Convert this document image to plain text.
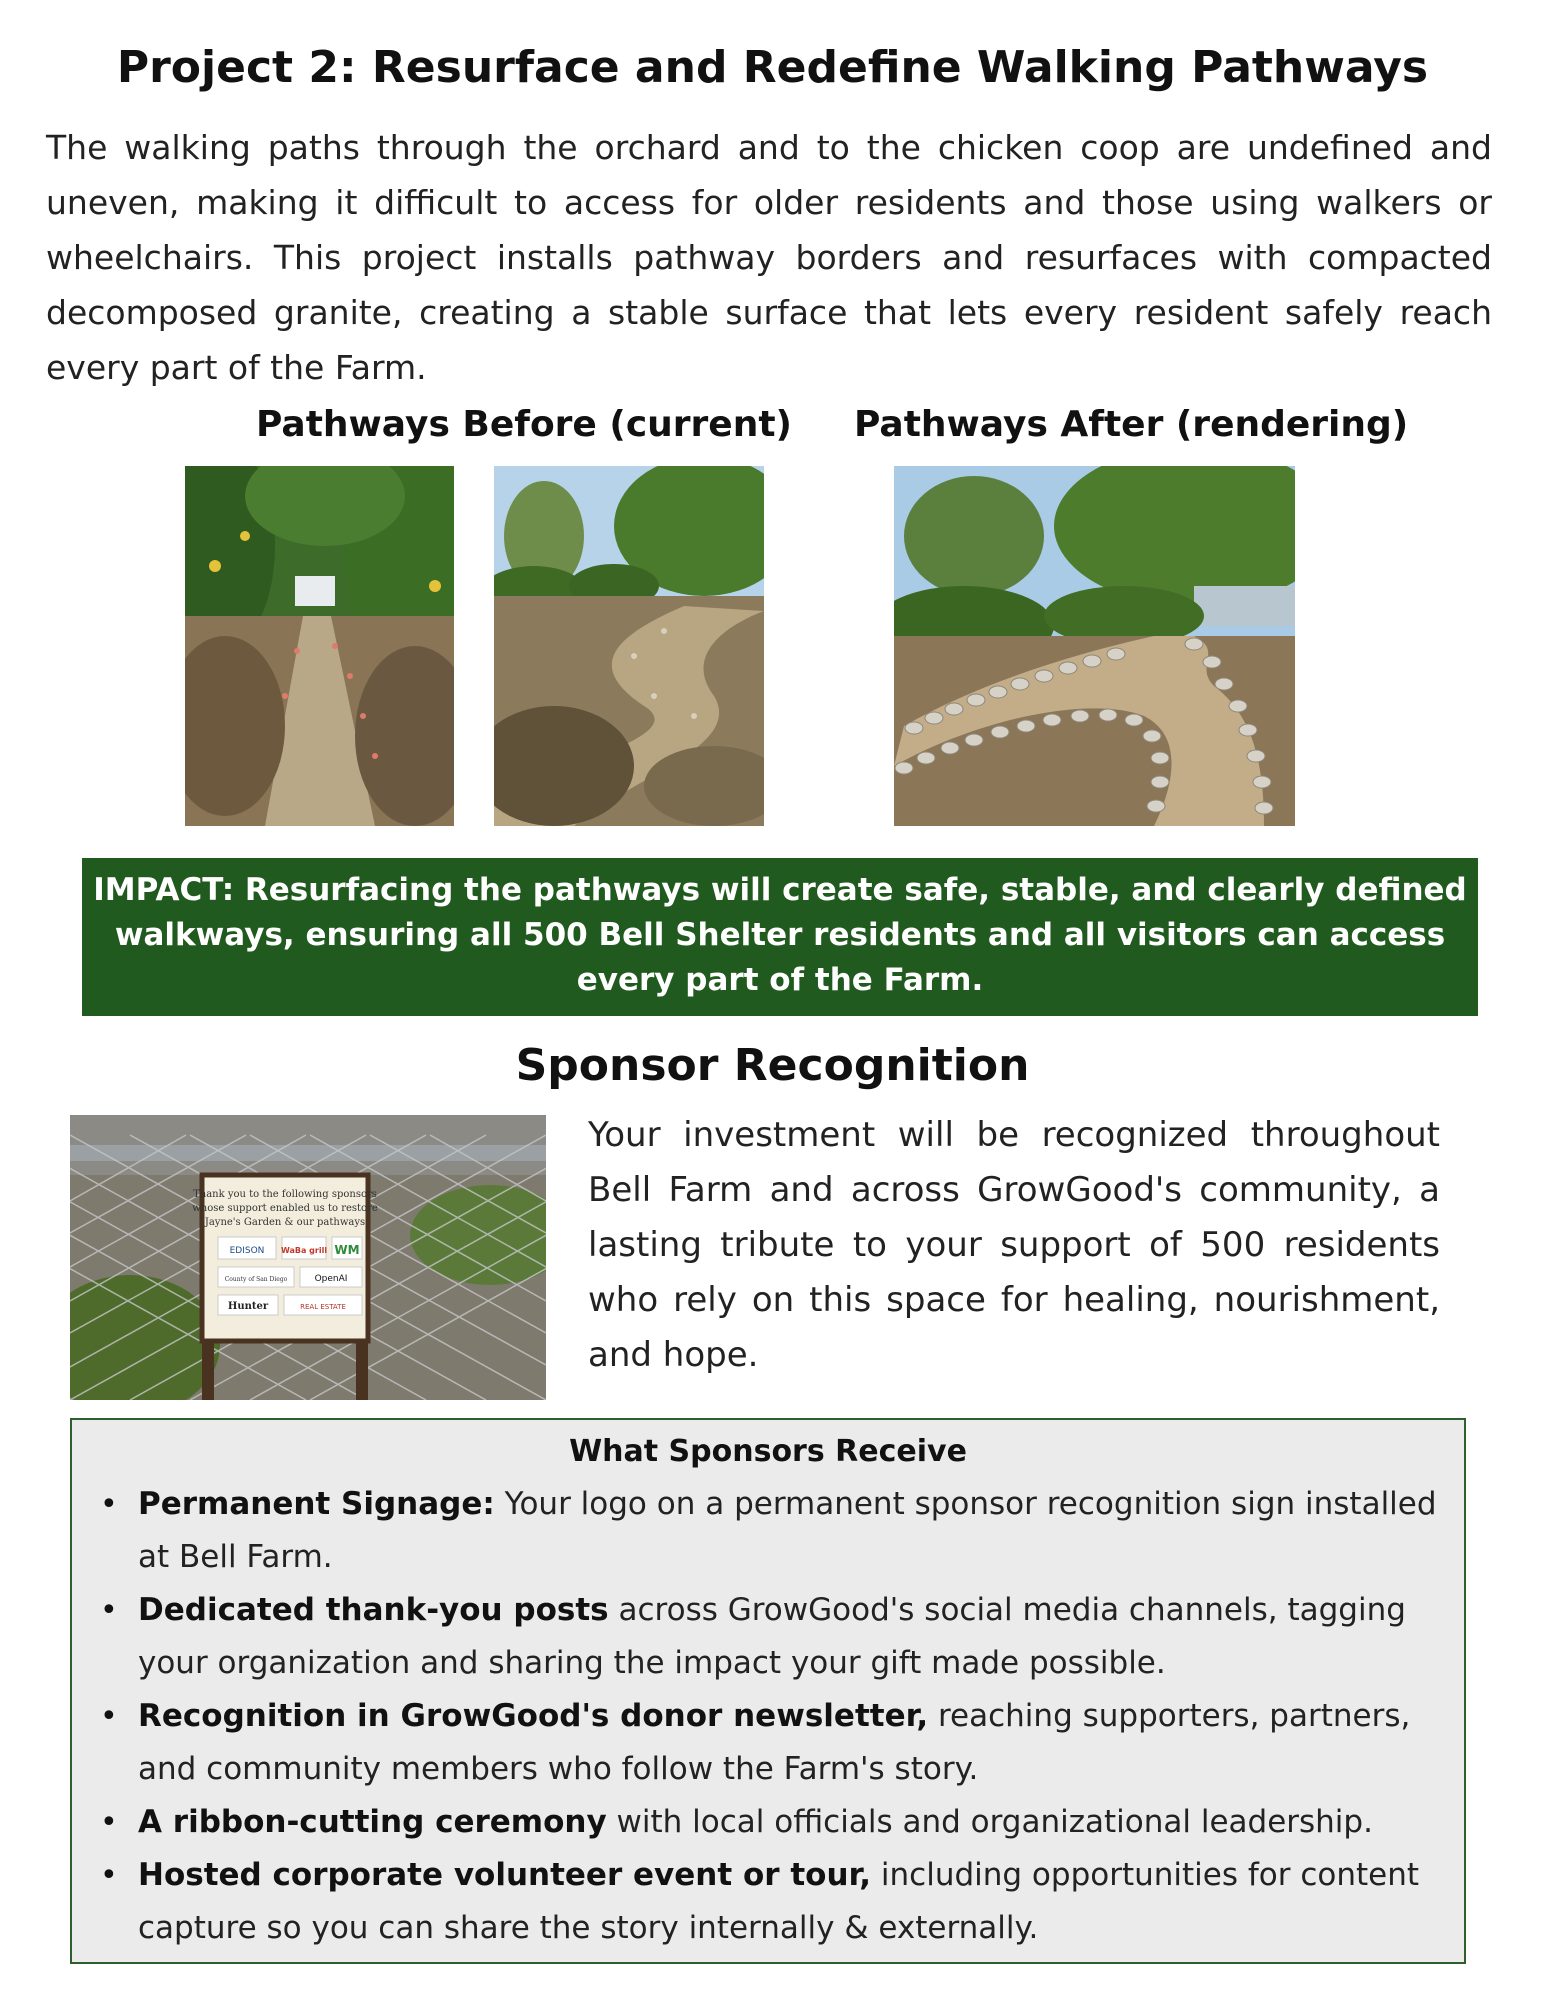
Project 2: Resurface and Redefine Walking Pathways
The walking paths through the orchard and to the chicken coop are undefined and uneven, making it difficult to access for older residents and those using walkers or wheelchairs. This project installs pathway borders and resurfaces with compacted decomposed granite, creating a stable surface that lets every resident safely reach every part of the Farm.
Pathways Before (current) Pathways After (rendering)
IMPACT: Resurfacing the pathways will create safe, stable, and clearly defined walkways, ensuring all 500 Bell Shelter residents and all visitors can access every part of the Farm.
Sponsor Recognition
Thank you to the following sponsors
whose support enabled us to restore
Jayne's Garden & our pathways
EDISON WaBa grill WM
County of San Diego	OpenAI
Hunter	REAL ESTATE
Your investment will be recognized throughout Bell Farm and across GrowGood's community, a lasting tribute to your support of 500 residents who rely on this space for healing, nourishment, and hope.
What Sponsors Receive
• Permanent Signage: Your logo on a permanent sponsor recognition sign installed at Bell Farm.
• Dedicated thank-you posts across GrowGood's social media channels, tagging your organization and sharing the impact your gift made possible.
• Recognition in GrowGood's donor newsletter, reaching supporters, partners, and community members who follow the Farm's story.
• A ribbon-cutting ceremony with local officials and organizational leadership.
• Hosted corporate volunteer event or tour, including opportunities for content capture so you can share the story internally & externally.
